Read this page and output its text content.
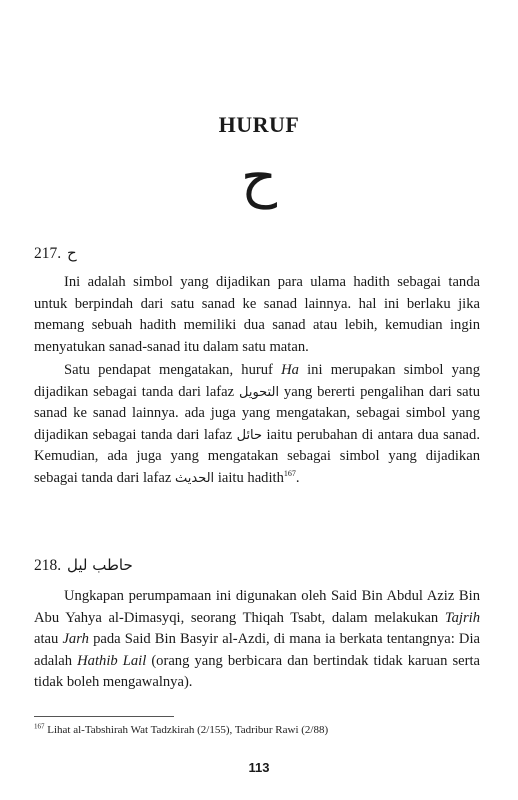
HURUF
ح
217. ح
Ini adalah simbol yang dijadikan para ulama hadith sebagai tanda untuk berpindah dari satu sanad ke sanad lainnya. hal ini berlaku jika memang sebuah hadith memiliki dua sanad atau lebih, kemudian ingin menyatukan sanad-sanad itu dalam satu matan.
Satu pendapat mengatakan, huruf Ha ini merupakan simbol yang dijadikan sebagai tanda dari lafaz التحويل yang bererti pengalihan dari satu sanad ke sanad lainnya. ada juga yang mengatakan, sebagai simbol yang dijadikan sebagai tanda dari lafaz حائل iaitu perubahan di antara dua sanad. Kemudian, ada juga yang mengatakan sebagai simbol yang dijadikan sebagai tanda dari lafaz الحديث iaitu hadith$^{167}$.
218. حاطب ليل
Ungkapan perumpamaan ini digunakan oleh Said Bin Abdul Aziz Bin Abu Yahya al-Dimasyqi, seorang Thiqah Tsabt, dalam melakukan Tajrih atau Jarh pada Said Bin Basyir al-Azdi, di mana ia berkata tentangnya: Dia adalah Hathib Lail (orang yang berbicara dan bertindak tidak karuan serta tidak boleh mengawalnya).
$^{167}$ Lihat al-Tabshirah Wat Tadzkirah (2/155), Tadribur Rawi (2/88)
113
